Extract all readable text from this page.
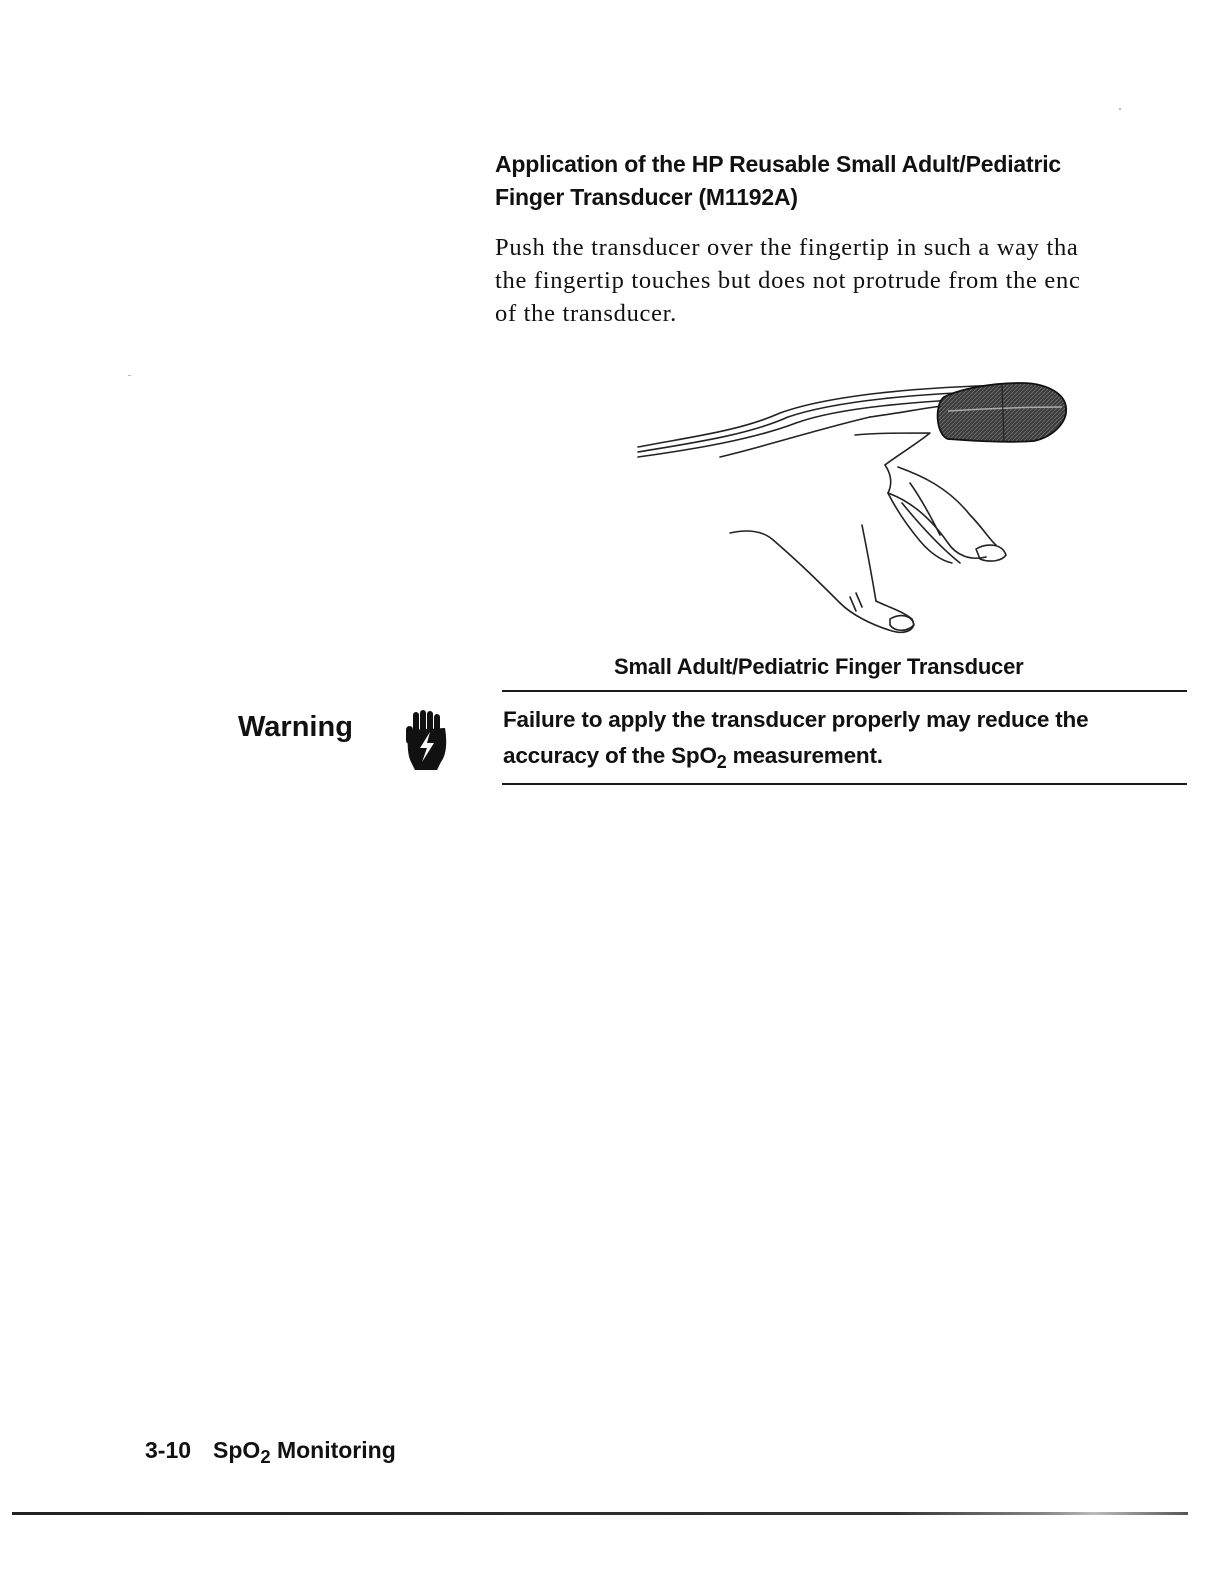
Application of the HP Reusable Small Adult/Pediatric
Finger Transducer (M1192A)
Push the transducer over the fingertip in such a way tha
the fingertip touches but does not protrude from the enc
of the transducer.
Small Adult/Pediatric Finger Transducer
Warning	Failure to apply the transducer properly may reduce the
accuracy of the SpO$_2$ measurement.
3-10 SpO$_2$ Monitoring
